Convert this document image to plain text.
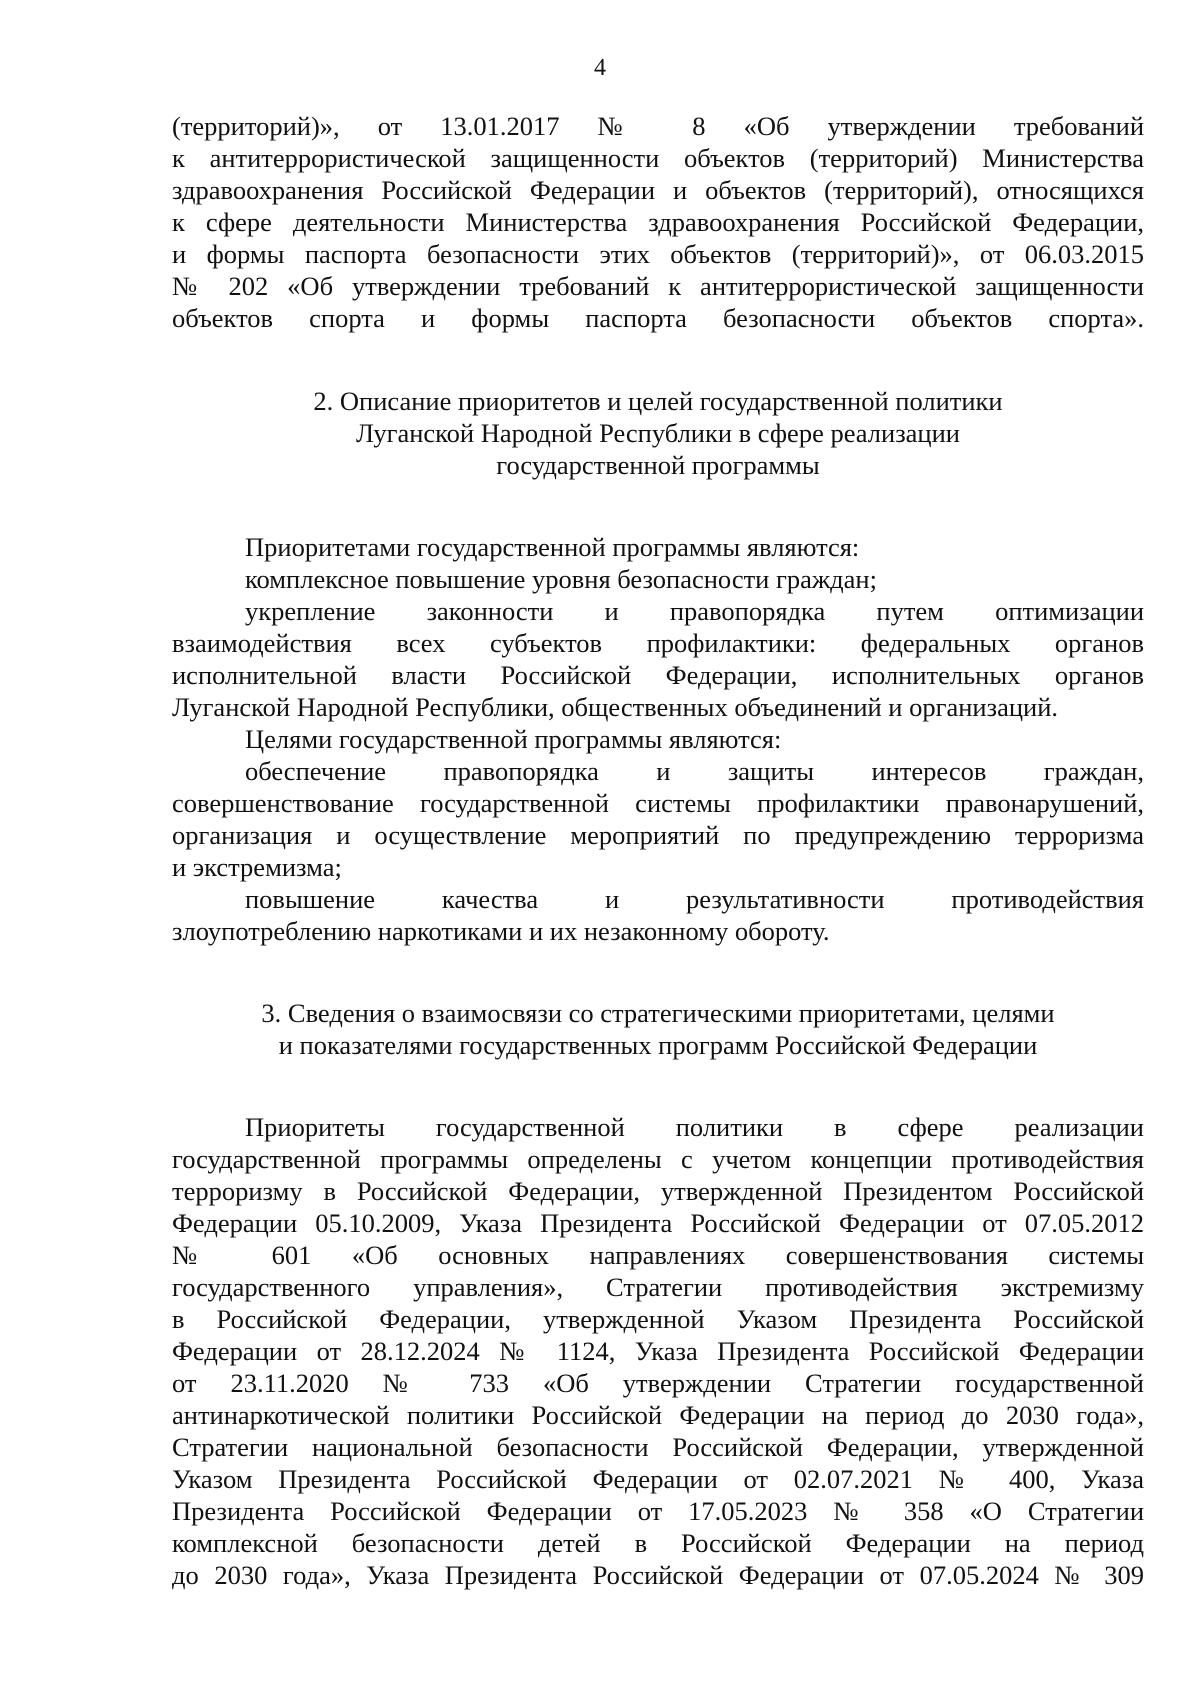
4
(территорий)», от 13.01.2017 № 8 «Об утверждении требований
к антитеррористической защищенности объектов (территорий) Министерства
здравоохранения Российской Федерации и объектов (территорий), относящихся
к сфере деятельности Министерства здравоохранения Российской Федерации,
и формы паспорта безопасности этих объектов (территорий)», от 06.03.2015
№ 202 «Об утверждении требований к антитеррористической защищенности
объектов спорта и формы паспорта безопасности объектов спорта».
2. Описание приоритетов и целей государственной политики
Луганской Народной Республики в сфере реализации
государственной программы
Приоритетами государственной программы являются:
комплексное повышение уровня безопасности граждан;
укрепление законности и правопорядка путем оптимизации
взаимодействия всех субъектов профилактики: федеральных органов
исполнительной власти Российской Федерации, исполнительных органов
Луганской Народной Республики, общественных объединений и организаций.
Целями государственной программы являются:
обеспечение правопорядка и защиты интересов граждан,
совершенствование государственной системы профилактики правонарушений,
организация и осуществление мероприятий по предупреждению терроризма
и экстремизма;
повышение качества и результативности противодействия
злоупотреблению наркотиками и их незаконному обороту.
3. Сведения о взаимосвязи со стратегическими приоритетами, целями
и показателями государственных программ Российской Федерации
Приоритеты государственной политики в сфере реализации
государственной программы определены с учетом концепции противодействия
терроризму в Российской Федерации, утвержденной Президентом Российской
Федерации 05.10.2009, Указа Президента Российской Федерации от 07.05.2012
№ 601 «Об основных направлениях совершенствования системы
государственного управления», Стратегии противодействия экстремизму
в Российской Федерации, утвержденной Указом Президента Российской
Федерации от 28.12.2024 № 1124, Указа Президента Российской Федерации
от 23.11.2020 № 733 «Об утверждении Стратегии государственной
антинаркотической политики Российской Федерации на период до 2030 года»,
Стратегии национальной безопасности Российской Федерации, утвержденной
Указом Президента Российской Федерации от 02.07.2021 № 400, Указа
Президента Российской Федерации от 17.05.2023 № 358 «О Стратегии
комплексной безопасности детей в Российской Федерации на период
до 2030 года», Указа Президента Российской Федерации от 07.05.2024 № 309
